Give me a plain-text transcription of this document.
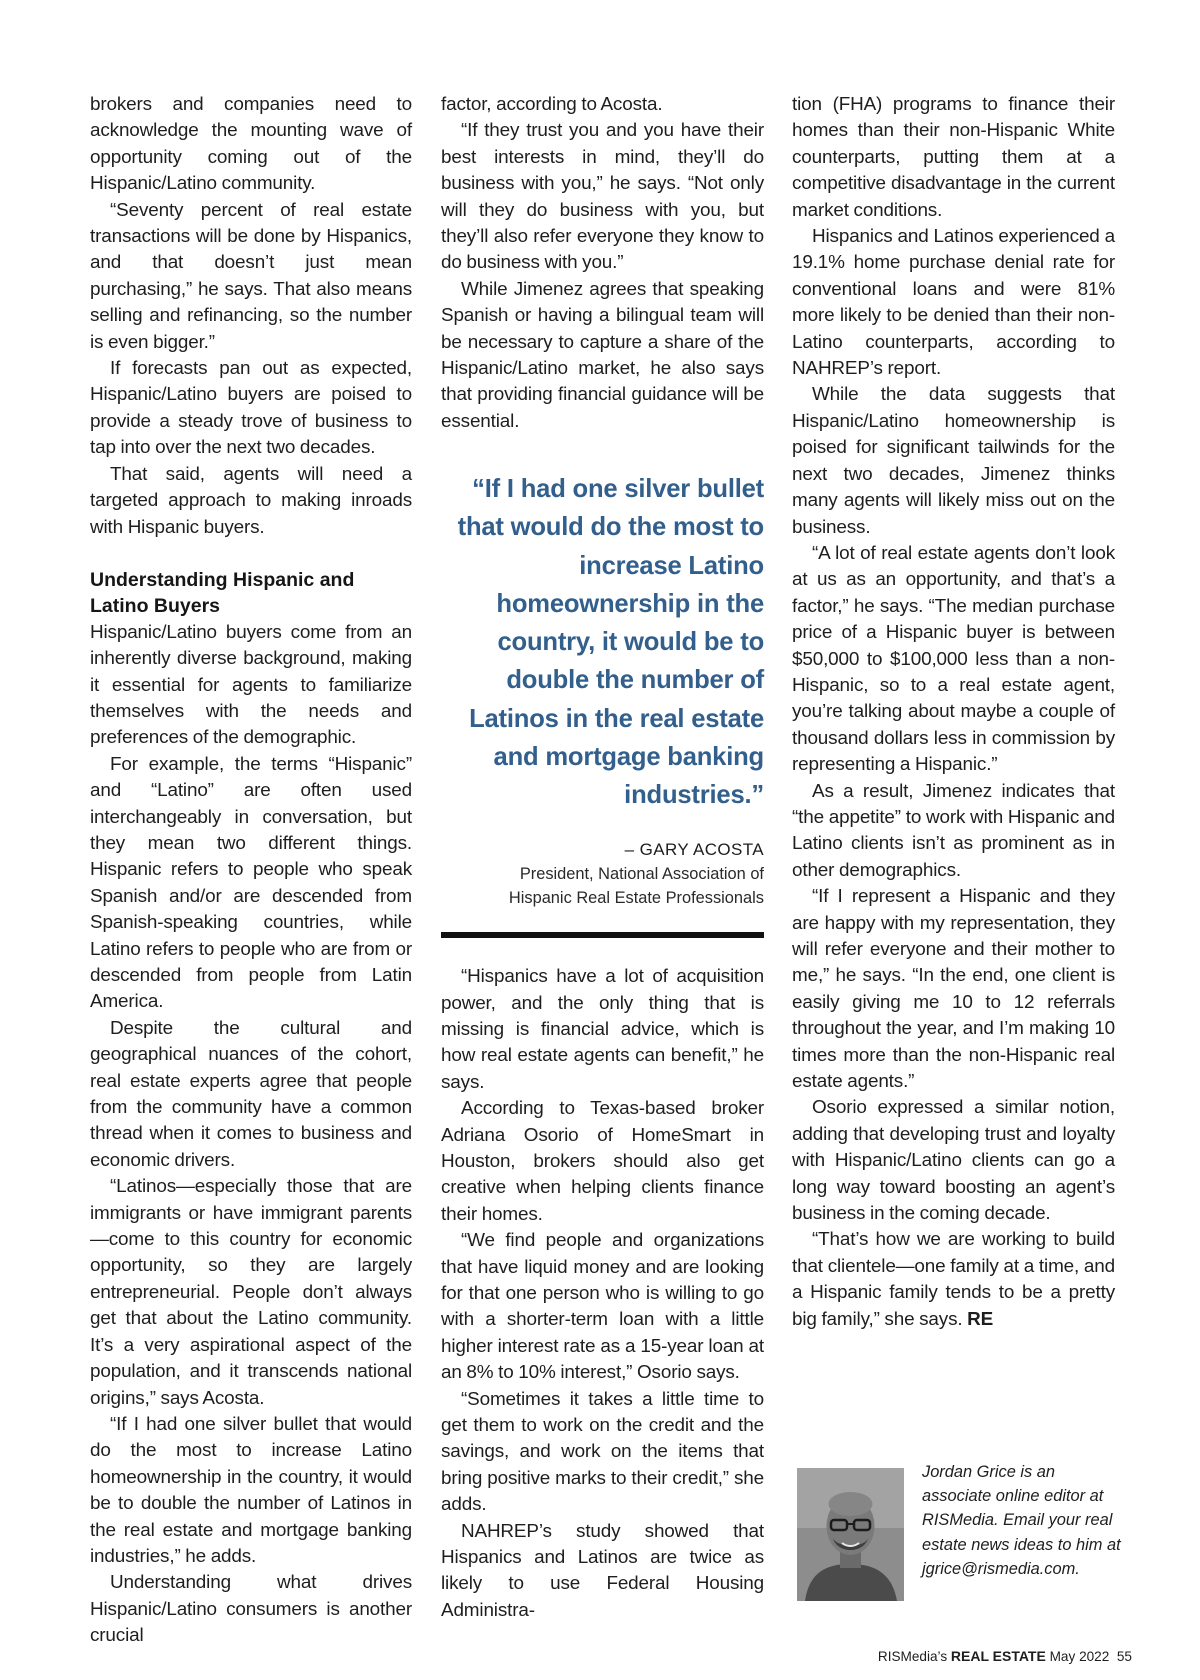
brokers and companies need to acknowledge the mounting wave of opportunity coming out of the Hispanic/Latino community.

“Seventy percent of real estate transactions will be done by Hispanics, and that doesn’t just mean purchasing,” he says. That also means selling and refinancing, so the number is even bigger.”

If forecasts pan out as expected, Hispanic/Latino buyers are poised to provide a steady trove of business to tap into over the next two decades.

That said, agents will need a targeted approach to making inroads with Hispanic buyers.

Understanding Hispanic and Latino Buyers

Hispanic/Latino buyers come from an inherently diverse background, making it essential for agents to familiarize themselves with the needs and preferences of the demographic.

For example, the terms “Hispanic” and “Latino” are often used interchangeably in conversation, but they mean two different things. Hispanic refers to people who speak Spanish and/or are descended from Spanish-speaking countries, while Latino refers to people who are from or descended from people from Latin America.

Despite the cultural and geographical nuances of the cohort, real estate experts agree that people from the community have a common thread when it comes to business and economic drivers.

“Latinos—especially those that are immigrants or have immigrant parents—come to this country for economic opportunity, so they are largely entrepreneurial. People don’t always get that about the Latino community. It’s a very aspirational aspect of the population, and it transcends national origins,” says Acosta.

“If I had one silver bullet that would do the most to increase Latino homeownership in the country, it would be to double the number of Latinos in the real estate and mortgage banking industries,” he adds.

Understanding what drives Hispanic/Latino consumers is another crucial

factor, according to Acosta.

“If they trust you and you have their best interests in mind, they’ll do business with you,” he says. “Not only will they do business with you, but they’ll also refer everyone they know to do business with you.”

While Jimenez agrees that speaking Spanish or having a bilingual team will be necessary to capture a share of the Hispanic/Latino market, he also says that providing financial guidance will be essential.

“If I had one silver bullet that would do the most to increase Latino homeownership in the country, it would be to double the number of Latinos in the real estate and mortgage banking industries.”

– GARY ACOSTA

President, National Association of

Hispanic Real Estate Professionals

“Hispanics have a lot of acquisition power, and the only thing that is missing is financial advice, which is how real estate agents can benefit,” he says.

According to Texas-based broker Adriana Osorio of HomeSmart in Houston, brokers should also get creative when helping clients finance their homes.

“We find people and organizations that have liquid money and are looking for that one person who is willing to go with a shorter-term loan with a little higher interest rate as a 15-year loan at an 8% to 10% interest,” Osorio says.

“Sometimes it takes a little time to get them to work on the credit and the savings, and work on the items that bring positive marks to their credit,” she adds.

NAHREP’s study showed that Hispanics and Latinos are twice as likely to use Federal Housing Administra-

tion (FHA) programs to finance their homes than their non-Hispanic White counterparts, putting them at a competitive disadvantage in the current market conditions.

Hispanics and Latinos experienced a 19.1% home purchase denial rate for conventional loans and were 81% more likely to be denied than their non-Latino counterparts, according to NAHREP’s report.

While the data suggests that Hispanic/Latino homeownership is poised for significant tailwinds for the next two decades, Jimenez thinks many agents will likely miss out on the business.

“A lot of real estate agents don’t look at us as an opportunity, and that’s a factor,” he says. “The median purchase price of a Hispanic buyer is between $50,000 to $100,000 less than a non-Hispanic, so to a real estate agent, you’re talking about maybe a couple of thousand dollars less in commission by representing a Hispanic.”

As a result, Jimenez indicates that “the appetite” to work with Hispanic and Latino clients isn’t as prominent as in other demographics.

“If I represent a Hispanic and they are happy with my representation, they will refer everyone and their mother to me,” he says. “In the end, one client is easily giving me 10 to 12 referrals throughout the year, and I’m making 10 times more than the non-Hispanic real estate agents.”

Osorio expressed a similar notion, adding that developing trust and loyalty with Hispanic/Latino clients can go a long way toward boosting an agent’s business in the coming decade.

“That’s how we are working to build that clientele—one family at a time, and a Hispanic family tends to be a pretty big family,” she says. RE

Jordan Grice is an associate online editor at RISMedia. Email your real estate news ideas to him at jgrice@rismedia.com.

RISMedia’s REAL ESTATE May 2022 55
